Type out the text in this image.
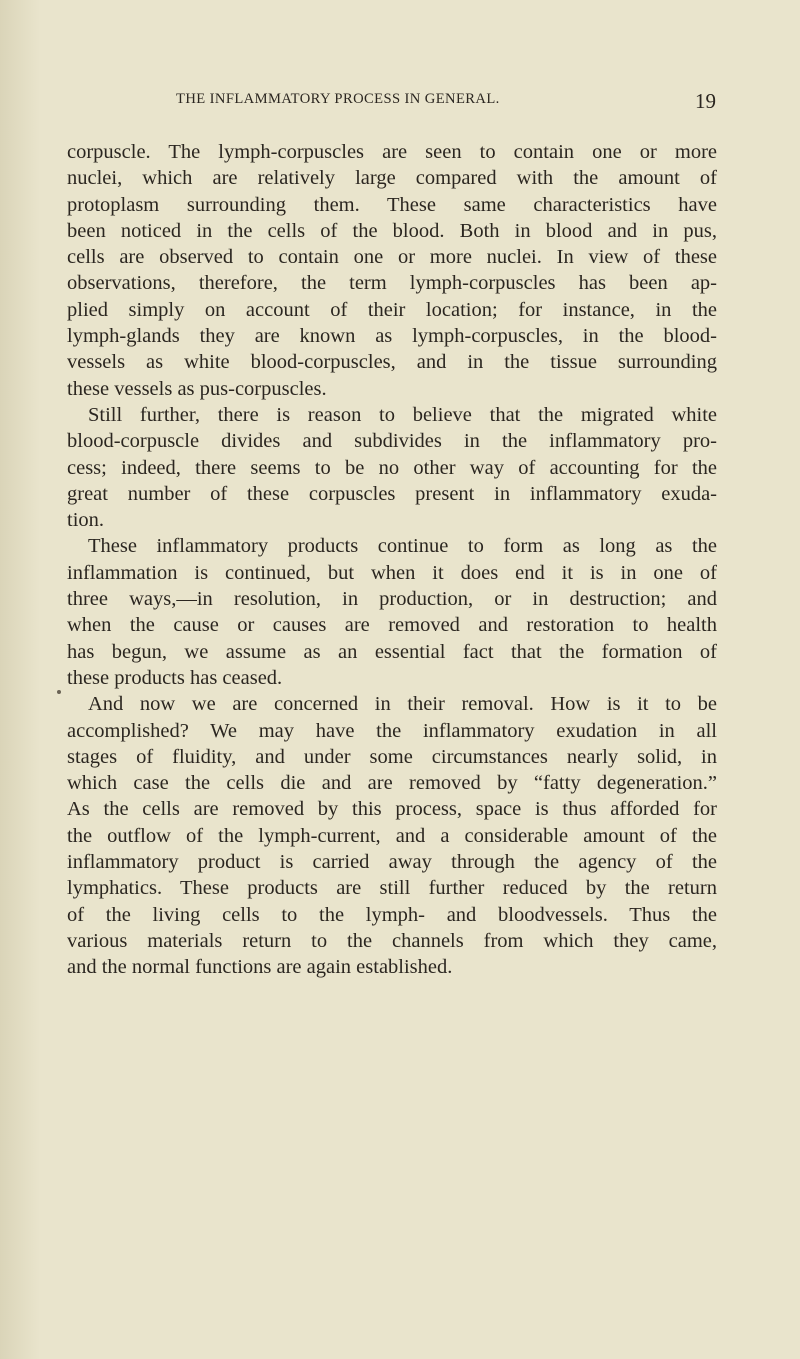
THE INFLAMMATORY PROCESS IN GENERAL.	19
corpuscle. The lymph-corpuscles are seen to contain one or more
nuclei, which are relatively large compared with the amount of
protoplasm surrounding them. These same characteristics have
been noticed in the cells of the blood. Both in blood and in pus,
cells are observed to contain one or more nuclei. In view of these
observations, therefore, the term lymph-corpuscles has been ap-
plied simply on account of their location; for instance, in the
lymph-glands they are known as lymph-corpuscles, in the blood-
vessels as white blood-corpuscles, and in the tissue surrounding
these vessels as pus-corpuscles.
Still further, there is reason to believe that the migrated white
blood-corpuscle divides and subdivides in the inflammatory pro-
cess; indeed, there seems to be no other way of accounting for the
great number of these corpuscles present in inflammatory exuda-
tion.
These inflammatory products continue to form as long as the
inflammation is continued, but when it does end it is in one of
three ways,—in resolution, in production, or in destruction; and
when the cause or causes are removed and restoration to health
has begun, we assume as an essential fact that the formation of
these products has ceased.
And now we are concerned in their removal. How is it to be
accomplished? We may have the inflammatory exudation in all
stages of fluidity, and under some circumstances nearly solid, in
which case the cells die and are removed by “fatty degeneration.”
As the cells are removed by this process, space is thus afforded for
the outflow of the lymph-current, and a considerable amount of the
inflammatory product is carried away through the agency of the
lymphatics. These products are still further reduced by the return
of the living cells to the lymph- and bloodvessels. Thus the
various materials return to the channels from which they came,
and the normal functions are again established.
